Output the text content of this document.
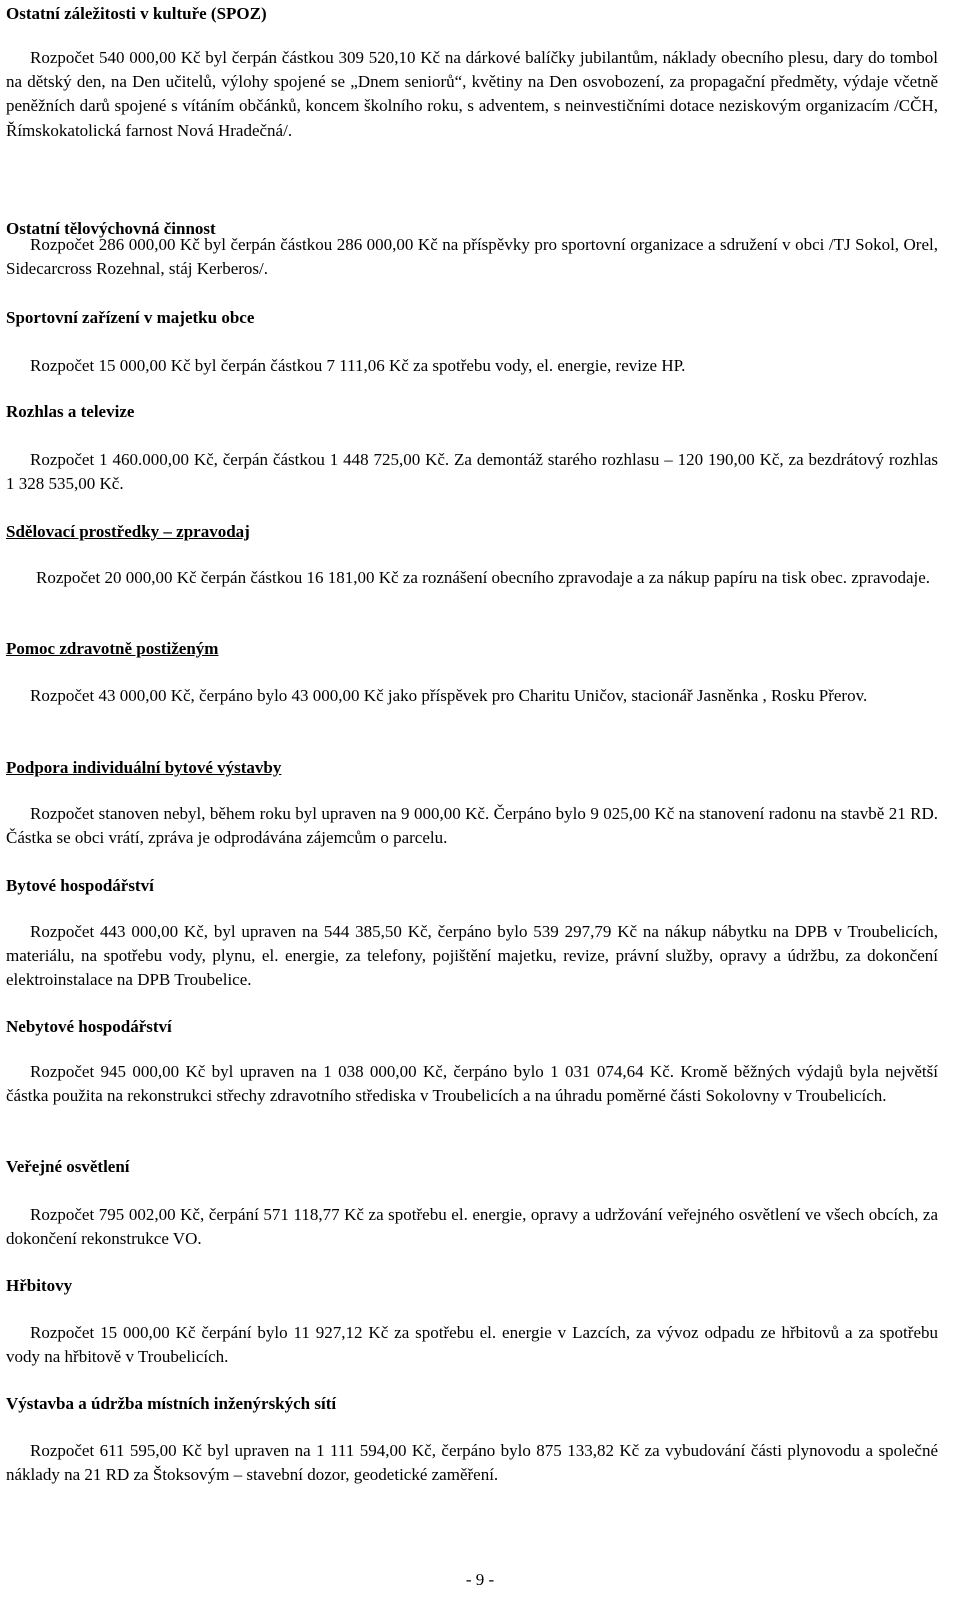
Ostatní záležitosti v kultuře (SPOZ)
Rozpočet 540 000,00 Kč byl čerpán částkou 309 520,10 Kč na dárkové balíčky jubilantům, náklady obecního plesu, dary do tombol na dětský den, na Den učitelů, výlohy spojené se „Dnem seniorů“, květiny na Den osvobození, za propagační předměty, výdaje včetně peněžních darů spojené s vítáním občánků, koncem školního roku, s adventem, s neinvestičními dotace neziskovým organizacím /CČH, Římskokatolická farnost Nová Hradečná/.
Ostatní tělovýchovná činnost
Rozpočet 286 000,00 Kč byl čerpán částkou 286 000,00 Kč na příspěvky pro sportovní organizace a sdružení v obci /TJ Sokol, Orel, Sidecarcross Rozehnal, stáj Kerberos/.
Sportovní zařízení v majetku obce
Rozpočet 15 000,00 Kč byl čerpán částkou 7 111,06 Kč za spotřebu vody, el. energie, revize HP.
Rozhlas a televize
Rozpočet 1 460.000,00 Kč, čerpán částkou 1 448 725,00 Kč. Za demontáž starého rozhlasu – 120 190,00 Kč, za bezdrátový rozhlas 1 328 535,00 Kč.
Sdělovací prostředky – zpravodaj
Rozpočet 20 000,00 Kč čerpán částkou 16 181,00 Kč za roznášení obecního zpravodaje a za nákup papíru na tisk obec. zpravodaje.
Pomoc zdravotně postiženým
Rozpočet 43 000,00 Kč, čerpáno bylo 43 000,00 Kč jako příspěvek pro Charitu Uničov, stacionář Jasněnka , Rosku Přerov.
Podpora individuální bytové výstavby
Rozpočet stanoven nebyl, během roku byl upraven na 9 000,00 Kč. Čerpáno bylo 9 025,00 Kč na stanovení radonu na stavbě 21 RD. Částka se obci vrátí, zpráva je odprodávána zájemcům o parcelu.
Bytové hospodářství
Rozpočet 443 000,00 Kč, byl upraven na 544 385,50 Kč, čerpáno bylo 539 297,79 Kč na nákup nábytku na DPB v Troubelicích, materiálu, na spotřebu vody, plynu, el. energie, za telefony, pojištění majetku, revize, právní služby, opravy a údržbu, za dokončení elektroinstalace na DPB Troubelice.
Nebytové hospodářství
Rozpočet 945 000,00 Kč byl upraven na 1 038 000,00 Kč, čerpáno bylo 1 031 074,64 Kč. Kromě běžných výdajů byla největší částka použita na rekonstrukci střechy zdravotního střediska v Troubelicích a na úhradu poměrné části Sokolovny v Troubelicích.
Veřejné osvětlení
Rozpočet 795 002,00 Kč, čerpání 571 118,77 Kč za spotřebu el. energie, opravy a udržování veřejného osvětlení ve všech obcích, za dokončení rekonstrukce VO.
Hřbitovy
Rozpočet 15 000,00 Kč čerpání bylo 11 927,12 Kč za spotřebu el. energie v Lazcích, za vývoz odpadu ze hřbitovů a za spotřebu vody na hřbitově v Troubelicích.
Výstavba a údržba místních inženýrských sítí
Rozpočet 611 595,00 Kč byl upraven na 1 111 594,00 Kč, čerpáno bylo 875 133,82 Kč za vybudování části plynovodu a společné náklady na 21 RD za Štoksovým – stavební dozor, geodetické zaměření.
- 9 -
